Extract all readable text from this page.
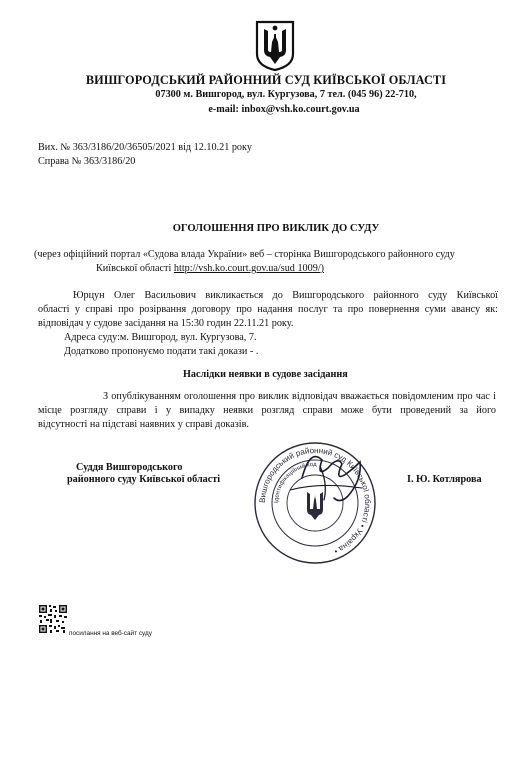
ВИШГОРОДСЬКИЙ РАЙОННИЙ СУД КИЇВСЬКОЇ ОБЛАСТІ
07300 м. Вишгород, вул. Кургузова, 7 тел. (045 96) 22-710,
e-mail: inbox@vsh.ko.court.gov.ua
Вих. № 363/3186/20/36505/2021 від 12.10.21 року
Справа № 363/3186/20
ОГОЛОШЕННЯ ПРО ВИКЛИК ДО СУДУ
(через офіційний портал «Судова влада України» веб – сторінка Вишгородського районного суду
Київської області http://vsh.ko.court.gov.ua/sud 1009/)
Юрцун Олег Васильович викликається до Вишгородського районного суду Київської
області у справі про розірвання договору про надання послуг та про повернення суми авансу як:
відповідач у судове засідання на 15:30 годин 22.11.21 року.
Адреса суду:м. Вишгород, вул. Кургузова, 7.
Додатково пропонуємо подати такі докази - .
Наслідки неявки в судове засідання
З опублікуванням оголошення про виклик відповідач вважається повідомленим про час і
місце розгляду справи і у випадку неявки розгляд справи може бути проведений за його
відсутності на підставі наявних у справі доказів.
Суддя Вишгородського
районного суду Київської області	І. Ю. Котлярова
Вишгородський районний суд Київської області • Україна •
Ідентифікаційний код
посилання на веб-сайт суду
